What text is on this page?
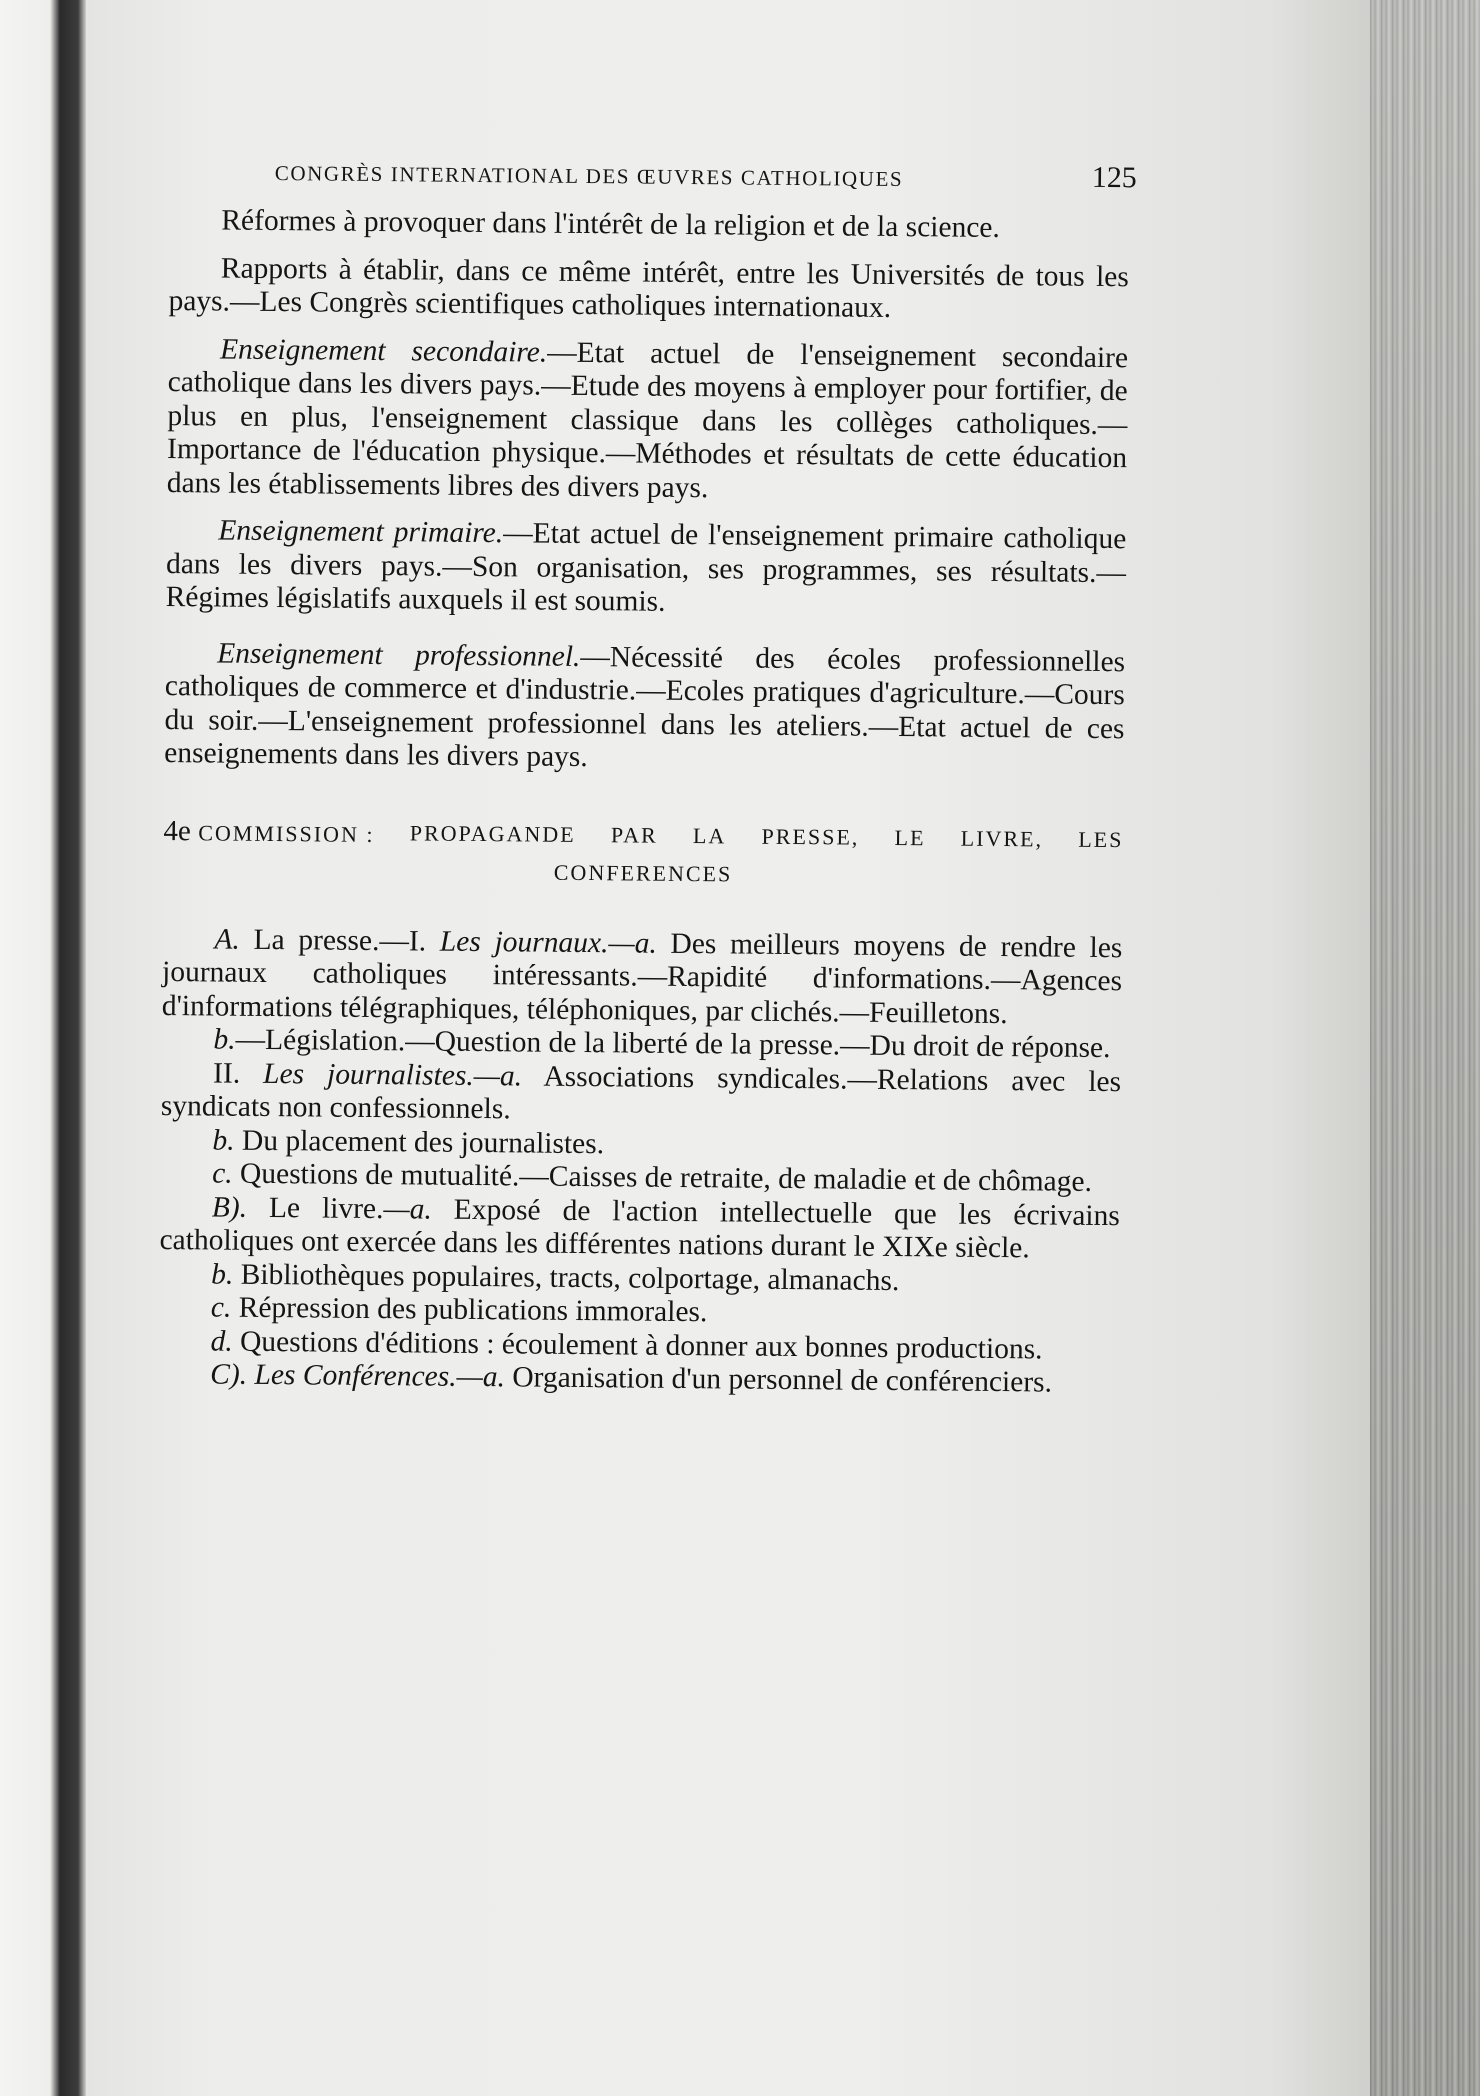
CONGRÈS INTERNATIONAL DES ŒUVRES CATHOLIQUES	125

Réformes à provoquer dans l'intérêt de la religion et de la science.

Rapports à établir, dans ce même intérêt, entre les Universités de tous les pays.—Les Congrès scientifiques catholiques internationaux.

Enseignement secondaire.—Etat actuel de l'enseignement secondaire catholique dans les divers pays.—Etude des moyens à employer pour fortifier, de plus en plus, l'enseignement classique dans les collèges catholiques.—Importance de l'éducation physique.—Méthodes et résultats de cette éducation dans les établissements libres des divers pays.

Enseignement primaire.—Etat actuel de l'enseignement primaire catholique dans les divers pays.—Son organisation, ses programmes, ses résultats.—Régimes législatifs auxquels il est soumis.

Enseignement professionnel.—Nécessité des écoles professionnelles catholiques de commerce et d'industrie.—Ecoles pratiques d'agriculture.—Cours du soir.—L'enseignement professionnel dans les ateliers.—Etat actuel de ces enseignements dans les divers pays.

4e COMMISSION : PROPAGANDE PAR LA PRESSE, LE LIVRE, LES
CONFERENCES

A. La presse.—I. Les journaux.—a. Des meilleurs moyens de rendre les journaux catholiques intéressants.—Rapidité d'informations.—Agences d'informations télégraphiques, téléphoniques, par clichés.—Feuilletons.

b.—Législation.—Question de la liberté de la presse.—Du droit de réponse.

II. Les journalistes.—a. Associations syndicales.—Relations avec les syndicats non confessionnels.

b. Du placement des journalistes.

c. Questions de mutualité.—Caisses de retraite, de maladie et de chômage.

B). Le livre.—a. Exposé de l'action intellectuelle que les écrivains catholiques ont exercée dans les différentes nations durant le XIXe siècle.

b. Bibliothèques populaires, tracts, colportage, almanachs.

c. Répression des publications immorales.

d. Questions d'éditions : écoulement à donner aux bonnes productions.

C). Les Conférences.—a. Organisation d'un personnel de conférenciers.
